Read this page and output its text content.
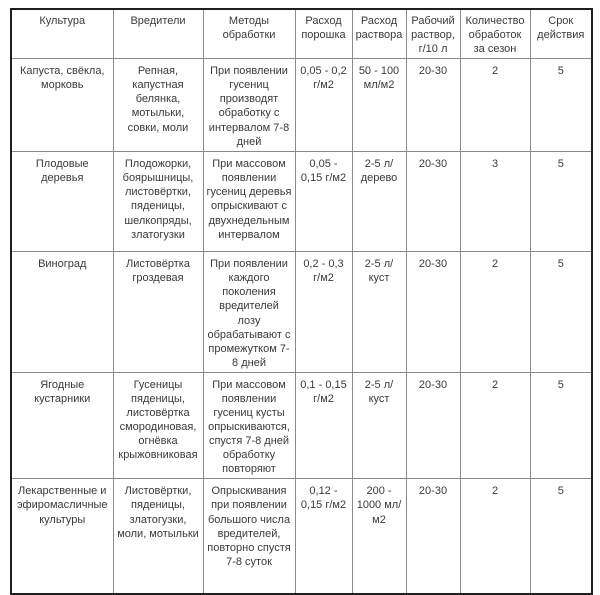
Культура	Вредители	Методы обработки	Расход порошка	Расход раствора	Рабочий раствор, г/10 л	Количество обработок за сезон	Срок действия
Капуста, свёкла, морковь	Репная, капустная белянка, мотыльки, совки, моли	При появлении гусениц производят обработку с интервалом 7-8 дней	0,05 - 0,2 г/м2	50 - 100 мл/м2	20-30	2	5
Плодовые деревья	Плодожорки, боярышницы, листовёртки, пяденицы, шелкопряды, златогузки	При массовом появлении гусениц деревья опрыскивают с двухнедельным интервалом	0,05 - 0,15 г/м2	2-5 л/дерево	20-30	3	5
Виноград	Листовёртка гроздевая	При появлении каждого поколения вредителей лозу обрабатывают с промежутком 7-8 дней	0,2 - 0,3 г/м2	2-5 л/куст	20-30	2	5
Ягодные кустарники	Гусеницы пяденицы, листовёртка смородиновая, огнёвка крыжовниковая	При массовом появлении гусениц кусты опрыскиваются, спустя 7-8 дней обработку повторяют	0,1 - 0,15 г/м2	2-5 л/куст	20-30	2	5
Лекарственные и эфиромасличные культуры	Листовёртки, пяденицы, златогузки, моли, мотыльки	Опрыскивания при появлении большого числа вредителей, повторно спустя 7-8 суток	0,12 - 0,15 г/м2	200 - 1000 мл/м2	20-30	2	5
